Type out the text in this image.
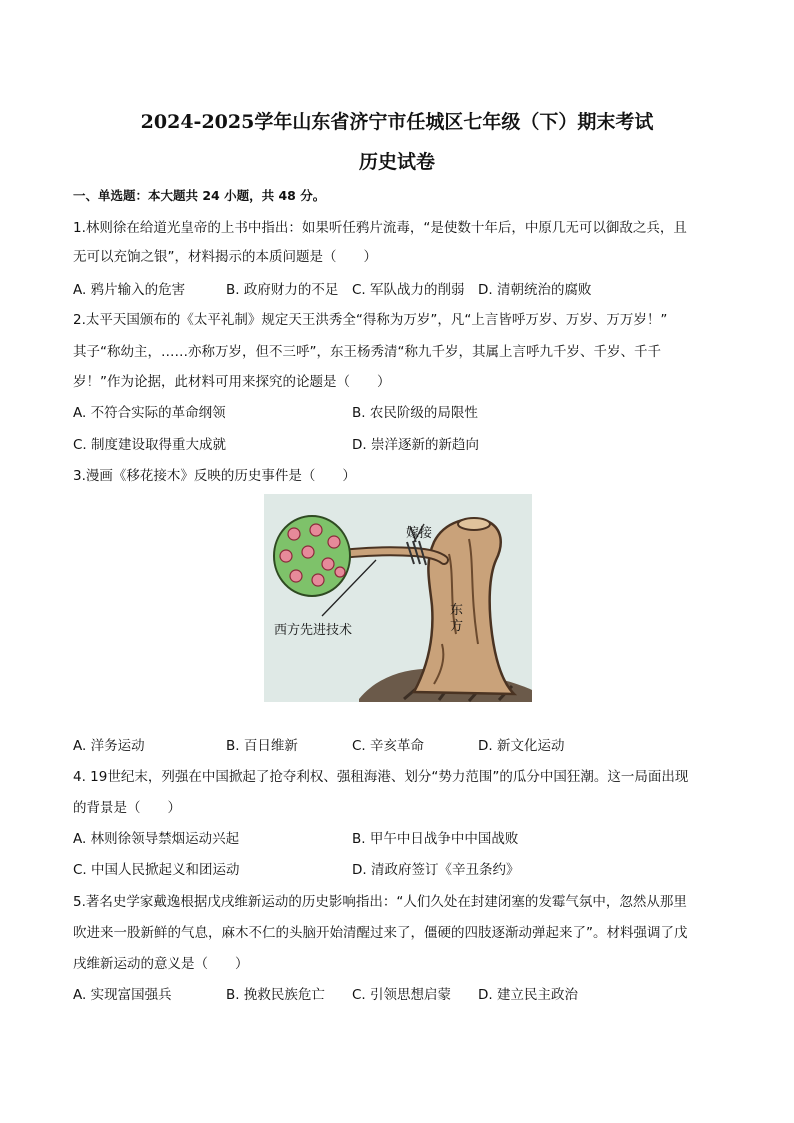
2024-2025学年山东省济宁市任城区七年级（下）期末考试
历史试卷
一、单选题：本大题共 24 小题，共 48 分。
1.林则徐在给道光皇帝的上书中指出：如果听任鸦片流毒，“是使数十年后，中原几无可以御敌之兵，且
无可以充饷之银”，材料揭示的本质问题是（　　）
A. 鸦片输入的危害	B. 政府财力的不足 C. 军队战力的削弱 D. 清朝统治的腐败
2.太平天国颁布的《太平礼制》规定天王洪秀全“得称为万岁”，凡“上言皆呼万岁、万岁、万万岁！”
其子“称幼主，……亦称万岁，但不三呼”，东王杨秀清“称九千岁，其属上言呼九千岁、千岁、千千
岁！”作为论据，此材料可用来探究的论题是（　　）
A. 不符合实际的革命纲领	B. 农民阶级的局限性
C. 制度建设取得重大成就	D. 崇洋逐新的新趋向
3.漫画《移花接木》反映的历史事件是（　　）
嫁接
西方先进技术
东
方
A. 洋务运动	B. 百日维新	C. 辛亥革命	D. 新文化运动
4. 19世纪末，列强在中国掀起了抢夺利权、强租海港、划分“势力范围”的瓜分中国狂潮。这一局面出现
的背景是（　　）
A. 林则徐领导禁烟运动兴起	B. 甲午中日战争中中国战败
C. 中国人民掀起义和团运动	D. 清政府签订《辛丑条约》
5.著名史学家戴逸根据戊戌维新运动的历史影响指出：“人们久处在封建闭塞的发霉气氛中，忽然从那里
吹进来一股新鲜的气息，麻木不仁的头脑开始清醒过来了，僵硬的四肢逐渐动弹起来了”。材料强调了戊
戌维新运动的意义是（　　）
A. 实现富国强兵	B. 挽救民族危亡 C. 引领思想启蒙 D. 建立民主政治
